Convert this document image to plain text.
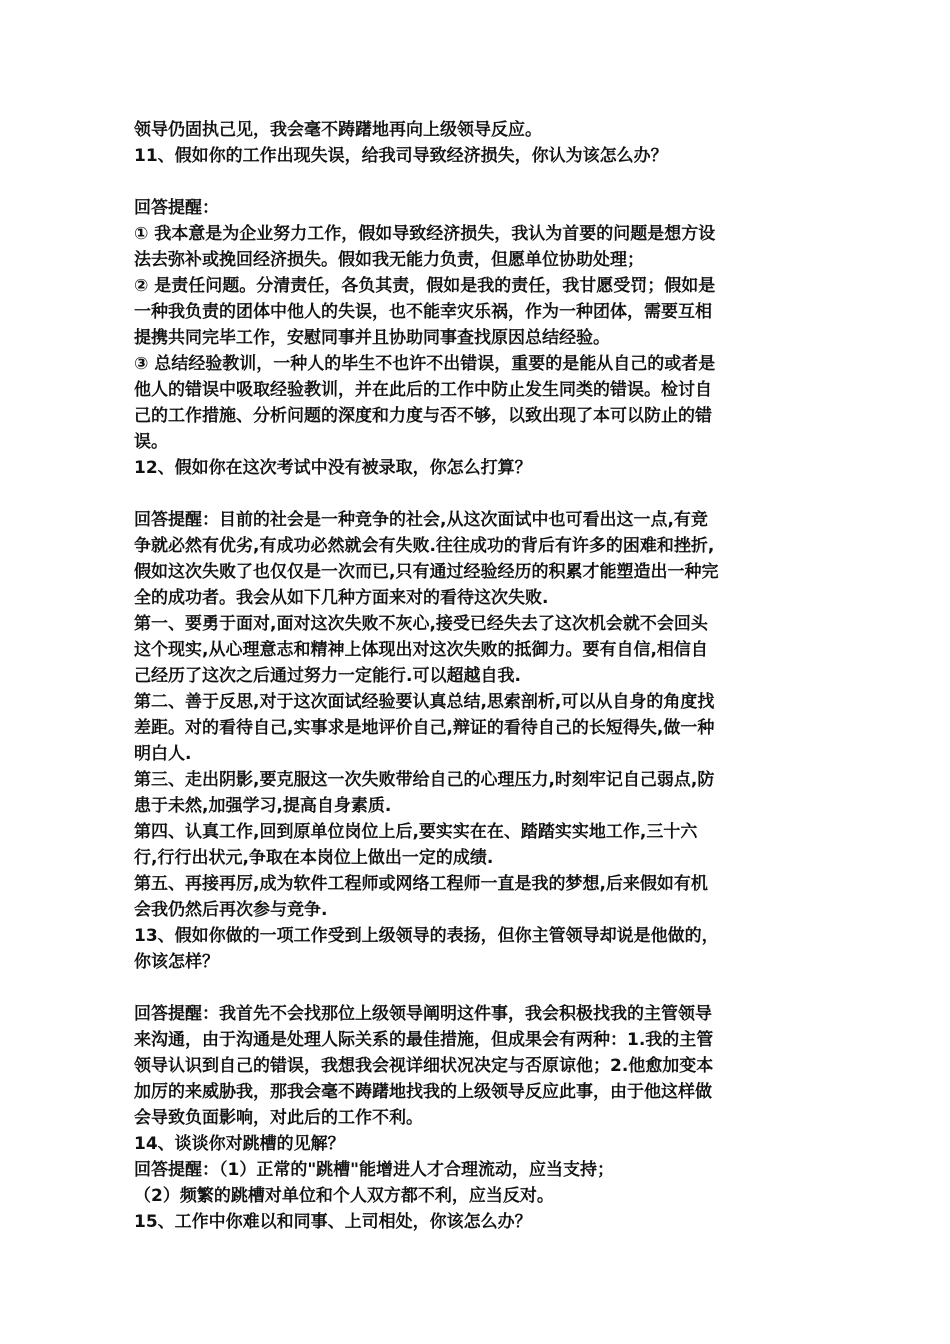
领导仍固执己见，我会毫不踌躇地再向上级领导反应。
11、假如你的工作出现失误，给我司导致经济损失，你认为该怎么办？
回答提醒：
① 我本意是为企业努力工作，假如导致经济损失，我认为首要的问题是想方设
法去弥补或挽回经济损失。假如我无能力负责，但愿单位协助处理；
② 是责任问题。分清责任，各负其责，假如是我的责任，我甘愿受罚；假如是
一种我负责的团体中他人的失误，也不能幸灾乐祸，作为一种团体，需要互相
提携共同完毕工作，安慰同事并且协助同事查找原因总结经验。
③ 总结经验教训，一种人的毕生不也许不出错误，重要的是能从自己的或者是
他人的错误中吸取经验教训，并在此后的工作中防止发生同类的错误。检讨自
己的工作措施、分析问题的深度和力度与否不够，以致出现了本可以防止的错
误。
12、假如你在这次考试中没有被录取，你怎么打算？
回答提醒：目前的社会是一种竞争的社会,从这次面试中也可看出这一点,有竞
争就必然有优劣,有成功必然就会有失败.往往成功的背后有许多的困难和挫折,
假如这次失败了也仅仅是一次而已,只有通过经验经历的积累才能塑造出一种完
全的成功者。我会从如下几种方面来对的看待这次失败.
第一、要勇于面对,面对这次失败不灰心,接受已经失去了这次机会就不会回头
这个现实,从心理意志和精神上体现出对这次失败的抵御力。要有自信,相信自
己经历了这次之后通过努力一定能行.可以超越自我.
第二、善于反思,对于这次面试经验要认真总结,思索剖析,可以从自身的角度找
差距。对的看待自己,实事求是地评价自己,辩证的看待自己的长短得失,做一种
明白人.
第三、走出阴影,要克服这一次失败带给自己的心理压力,时刻牢记自己弱点,防
患于未然,加强学习,提高自身素质.
第四、认真工作,回到原单位岗位上后,要实实在在、踏踏实实地工作,三十六
行,行行出状元,争取在本岗位上做出一定的成绩.
第五、再接再厉,成为软件工程师或网络工程师一直是我的梦想,后来假如有机
会我仍然后再次参与竞争.
13、假如你做的一项工作受到上级领导的表扬，但你主管领导却说是他做的，
你该怎样？
回答提醒：我首先不会找那位上级领导阐明这件事，我会积极找我的主管领导
来沟通，由于沟通是处理人际关系的最佳措施，但成果会有两种：1.我的主管
领导认识到自己的错误，我想我会视详细状况决定与否原谅他；2.他愈加变本
加厉的来威胁我，那我会毫不踌躇地找我的上级领导反应此事，由于他这样做
会导致负面影响，对此后的工作不利。
14、谈谈你对跳槽的见解？
回答提醒：（1）正常的"跳槽"能增进人才合理流动，应当支持；
（2）频繁的跳槽对单位和个人双方都不利，应当反对。
15、工作中你难以和同事、上司相处，你该怎么办？
